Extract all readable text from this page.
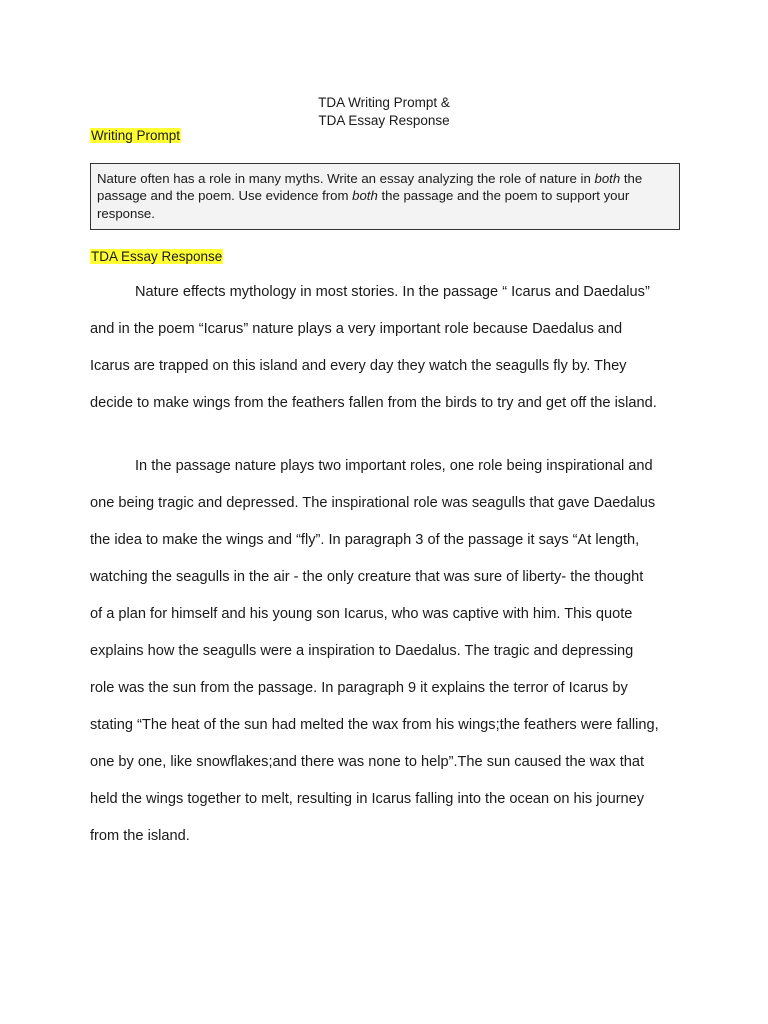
TDA Writing Prompt &
TDA Essay Response
Writing Prompt
Nature often has a role in many myths. Write an essay analyzing the role of nature in both the passage and the poem. Use evidence from both the passage and the poem to support your response.
TDA Essay Response
Nature effects mythology in most stories. In the passage “ Icarus and Daedalus”
and in the poem “Icarus” nature plays a very important role because Daedalus and
Icarus are trapped on this island and every day they watch the seagulls fly by. They
decide to make wings from the feathers fallen from the birds to try and get off the island.
In the passage nature plays two important roles, one role being inspirational and
one being tragic and depressed. The inspirational role was seagulls that gave Daedalus
the idea to make the wings and “fly”. In paragraph 3 of the passage it says “At length,
watching the seagulls in the air - the only creature that was sure of liberty- the thought
of a plan for himself and his young son Icarus, who was captive with him. This quote
explains how the seagulls were a inspiration to Daedalus. The tragic and depressing
role was the sun from the passage. In paragraph 9 it explains the terror of Icarus by
stating “The heat of the sun had melted the wax from his wings;the feathers were falling,
one by one, like snowflakes;and there was none to help”.The sun caused the wax that
held the wings together to melt, resulting in Icarus falling into the ocean on his journey
from the island.
